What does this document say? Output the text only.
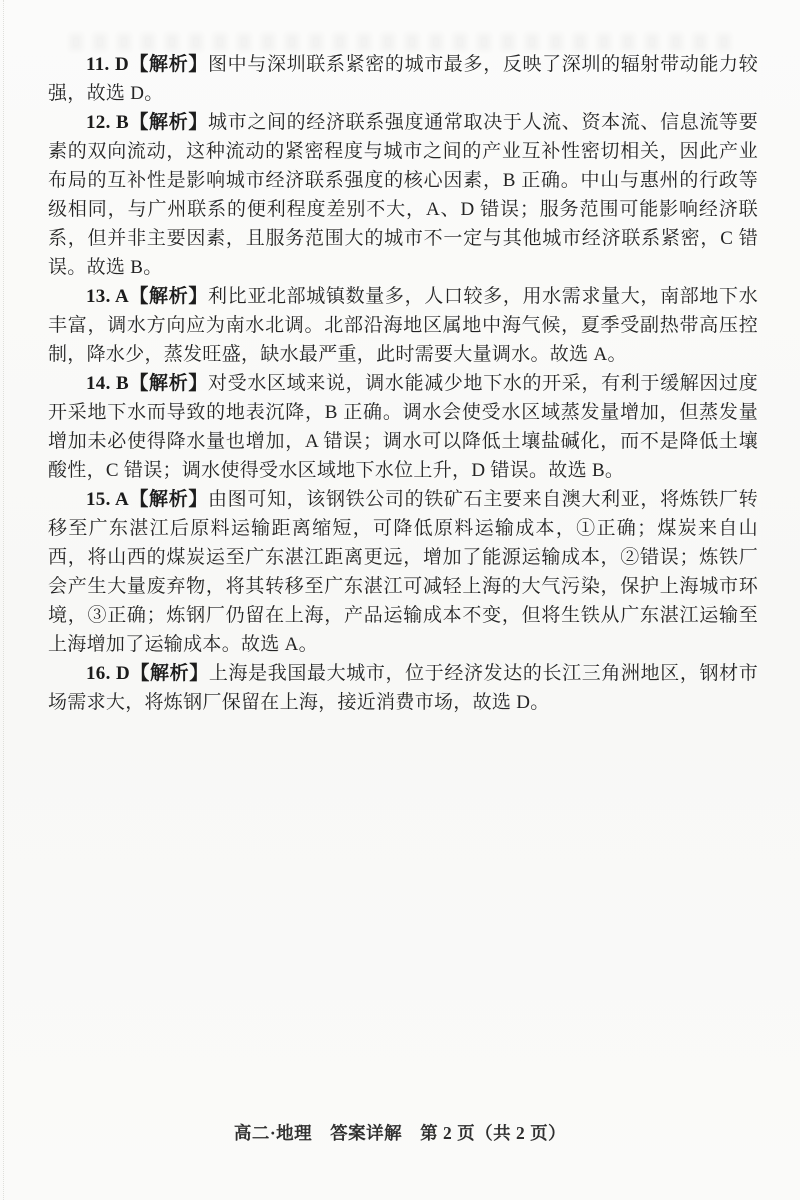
11. D【解析】图中与深圳联系紧密的城市最多，反映了深圳的辐射带动能力较强，故选 D。

12. B【解析】城市之间的经济联系强度通常取决于人流、资本流、信息流等要素的双向流动，这种流动的紧密程度与城市之间的产业互补性密切相关，因此产业布局的互补性是影响城市经济联系强度的核心因素，B 正确。中山与惠州的行政等级相同，与广州联系的便利程度差别不大，A、D 错误；服务范围可能影响经济联系，但并非主要因素，且服务范围大的城市不一定与其他城市经济联系紧密，C 错误。故选 B。

13. A【解析】利比亚北部城镇数量多，人口较多，用水需求量大，南部地下水丰富，调水方向应为南水北调。北部沿海地区属地中海气候，夏季受副热带高压控制，降水少，蒸发旺盛，缺水最严重，此时需要大量调水。故选 A。

14. B【解析】对受水区域来说，调水能减少地下水的开采，有利于缓解因过度开采地下水而导致的地表沉降，B 正确。调水会使受水区域蒸发量增加，但蒸发量增加未必使得降水量也增加，A 错误；调水可以降低土壤盐碱化，而不是降低土壤酸性，C 错误；调水使得受水区域地下水位上升，D 错误。故选 B。

15. A【解析】由图可知，该钢铁公司的铁矿石主要来自澳大利亚，将炼铁厂转移至广东湛江后原料运输距离缩短，可降低原料运输成本，①正确；煤炭来自山西，将山西的煤炭运至广东湛江距离更远，增加了能源运输成本，②错误；炼铁厂会产生大量废弃物，将其转移至广东湛江可减轻上海的大气污染，保护上海城市环境，③正确；炼钢厂仍留在上海，产品运输成本不变，但将生铁从广东湛江运输至上海增加了运输成本。故选 A。

16. D【解析】上海是我国最大城市，位于经济发达的长江三角洲地区，钢材市场需求大，将炼钢厂保留在上海，接近消费市场，故选 D。

高二·地理　答案详解　第 2 页（共 2 页）
